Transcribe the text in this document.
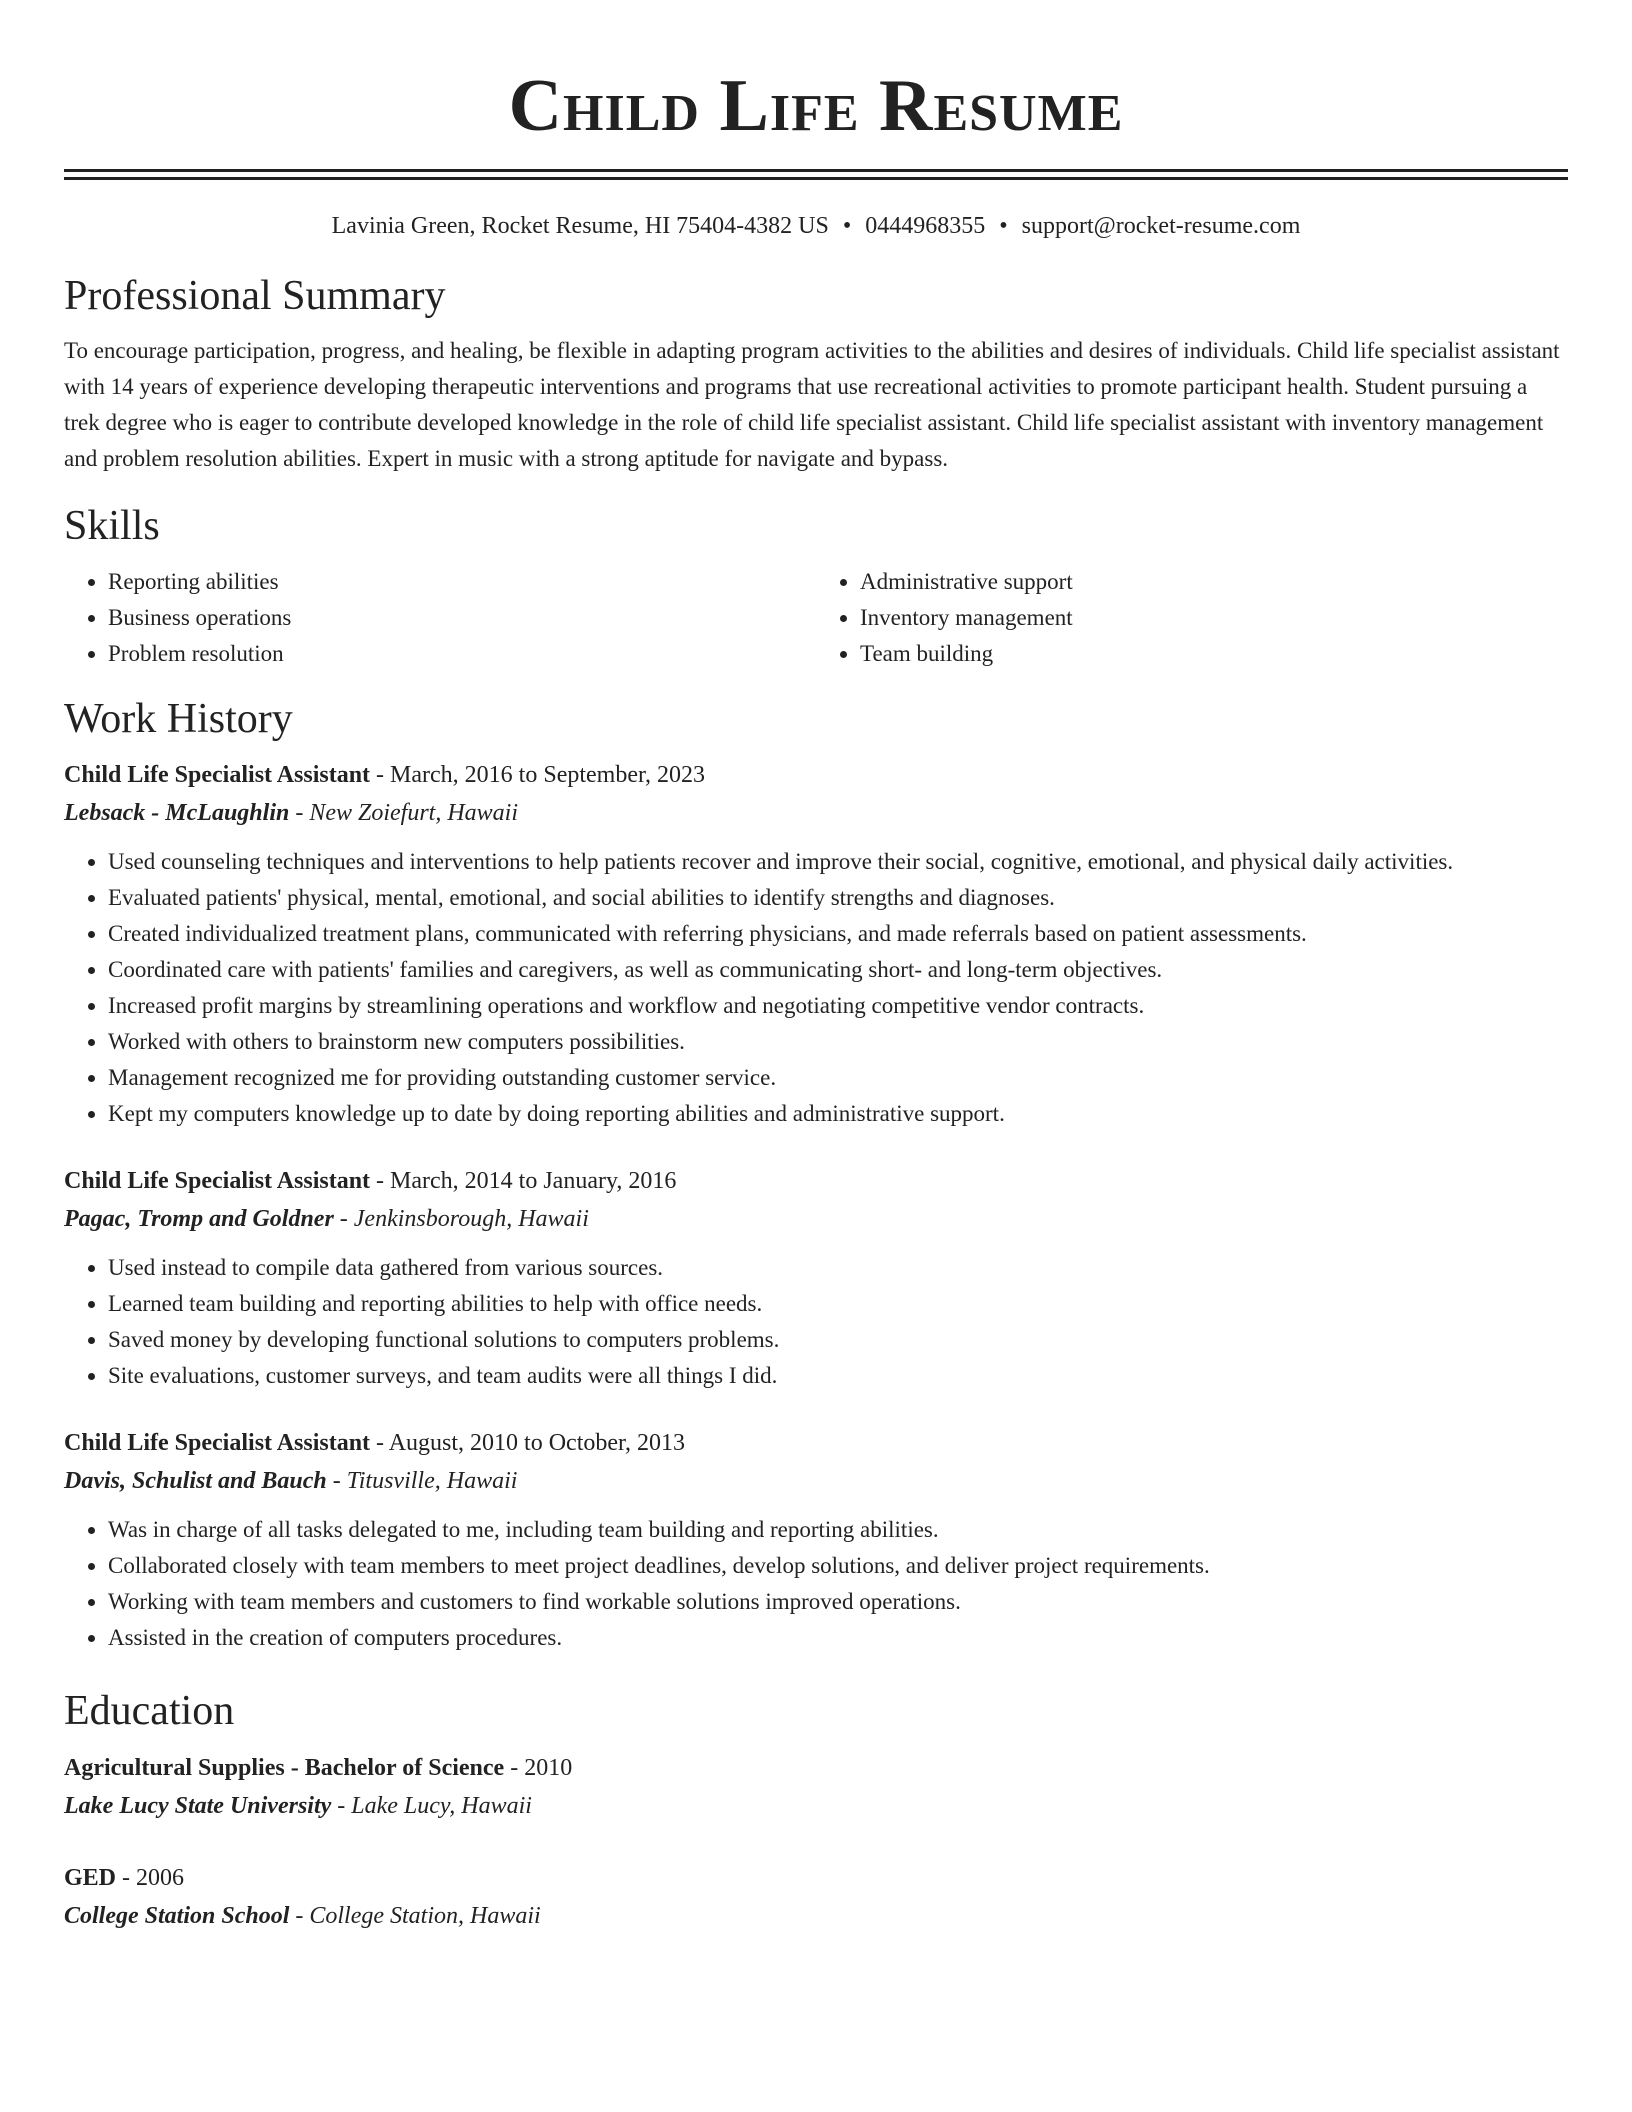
Child Life Resume
Lavinia Green, Rocket Resume, HI 75404-4382 US • 0444968355 • support@rocket-resume.com
Professional Summary

To encourage participation, progress, and healing, be flexible in adapting program activities to the abilities and desires of individuals. Child life specialist assistant with 14 years of experience developing therapeutic interventions and programs that use recreational activities to promote participant health. Student pursuing a trek degree who is eager to contribute developed knowledge in the role of child life specialist assistant. Child life specialist assistant with inventory management and problem resolution abilities. Expert in music with a strong aptitude for navigate and bypass.

Skills
• Reporting abilities
• Business operations
• Problem resolution
• Administrative support
• Inventory management
• Team building
Work History
Child Life Specialist Assistant - March, 2016 to September, 2023
Lebsack - McLaughlin - New Zoiefurt, Hawaii
• Used counseling techniques and interventions to help patients recover and improve their social, cognitive, emotional, and physical daily activities.
• Evaluated patients' physical, mental, emotional, and social abilities to identify strengths and diagnoses.
• Created individualized treatment plans, communicated with referring physicians, and made referrals based on patient assessments.
• Coordinated care with patients' families and caregivers, as well as communicating short- and long-term objectives.
• Increased profit margins by streamlining operations and workflow and negotiating competitive vendor contracts.
• Worked with others to brainstorm new computers possibilities.
• Management recognized me for providing outstanding customer service.
• Kept my computers knowledge up to date by doing reporting abilities and administrative support.
Child Life Specialist Assistant - March, 2014 to January, 2016
Pagac, Tromp and Goldner - Jenkinsborough, Hawaii
• Used instead to compile data gathered from various sources.
• Learned team building and reporting abilities to help with office needs.
• Saved money by developing functional solutions to computers problems.
• Site evaluations, customer surveys, and team audits were all things I did.
Child Life Specialist Assistant - August, 2010 to October, 2013
Davis, Schulist and Bauch - Titusville, Hawaii
• Was in charge of all tasks delegated to me, including team building and reporting abilities.
• Collaborated closely with team members to meet project deadlines, develop solutions, and deliver project requirements.
• Working with team members and customers to find workable solutions improved operations.
• Assisted in the creation of computers procedures.
Education
Agricultural Supplies - Bachelor of Science - 2010
Lake Lucy State University - Lake Lucy, Hawaii
GED - 2006
College Station School - College Station, Hawaii
